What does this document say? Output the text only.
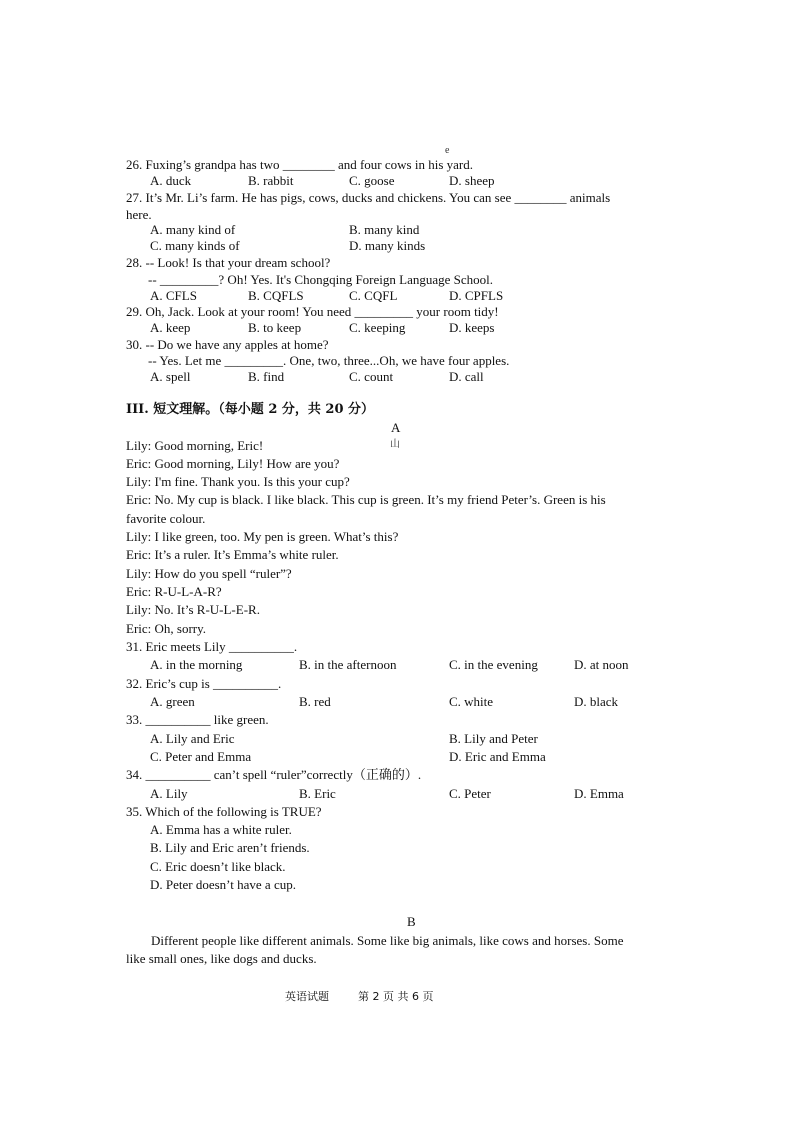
e
26. Fuxing’s grandpa has two ________ and four cows in his yard.
A. duck	B. rabbit	C. goose	D. sheep
27. It’s Mr. Li’s farm. He has pigs, cows, ducks and chickens. You can see ________ animals
here.
A. many kind of	B. many kind
C. many kinds of	D. many kinds
28. -- Look! Is that your dream school?
-- _________? Oh! Yes. It's Chongqing Foreign Language School.
A. CFLS	B. CQFLS	C. CQFL	D. CPFLS
29. Oh, Jack. Look at your room! You need _________ your room tidy!
A. keep	B. to keep	C. keeping	D. keeps
30. -- Do we have any apples at home?
-- Yes. Let me _________. One, two, three...Oh, we have four apples.
A. spell	B. find	C. count	D. call
III. 短文理解。（每小题 2 分，共 20 分）
A
山
Lily: Good morning, Eric!
Eric: Good morning, Lily! How are you?
Lily: I'm fine. Thank you. Is this your cup?
Eric: No. My cup is black. I like black. This cup is green. It’s my friend Peter’s. Green is his
favorite colour.
Lily: I like green, too. My pen is green. What’s this?
Eric: It’s a ruler. It’s Emma’s white ruler.
Lily: How do you spell “ruler”?
Eric: R-U-L-A-R?
Lily: No. It’s R-U-L-E-R.
Eric: Oh, sorry.
31. Eric meets Lily __________.
A. in the morning	B. in the afternoon	C. in the evening	D. at noon
32. Eric’s cup is __________.
A. green	B. red	C. white	D. black
33. __________ like green.
A. Lily and Eric	B. Lily and Peter
C. Peter and Emma	D. Eric and Emma
34. __________ can’t spell “ruler”correctly（正确的）.
A. Lily	B. Eric	C. Peter	D. Emma
35. Which of the following is TRUE?
A. Emma has a white ruler.
B. Lily and Eric aren’t friends.
C. Eric doesn’t like black.
D. Peter doesn’t have a cup.
B
Different people like different animals. Some like big animals, like cows and horses. Some
like small ones, like dogs and ducks.
英语试题	第 2 页 共 6 页
